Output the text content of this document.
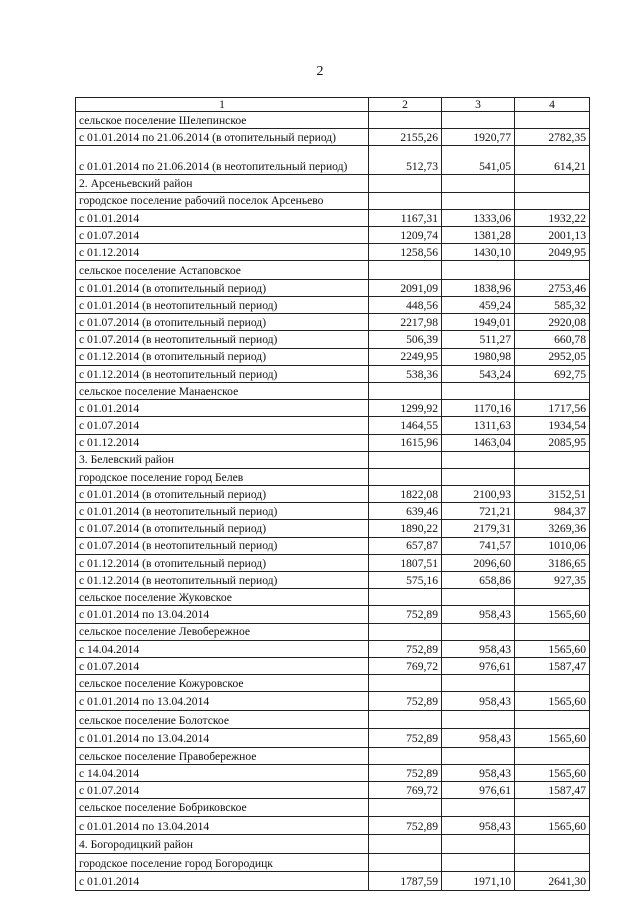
2
1	2	3	4
сельское поселение Шелепинское			
с 01.01.2014 по 21.06.2014 (в отопительный период)	2155,26	1920,77	2782,35
с 01.01.2014 по 21.06.2014 (в неотопительный период)	512,73	541,05	614,21
2. Арсеньевский район			
городское поселение рабочий поселок Арсеньево			
с 01.01.2014	1167,31	1333,06	1932,22
с 01.07.2014	1209,74	1381,28	2001,13
с 01.12.2014	1258,56	1430,10	2049,95
сельское поселение Астаповское			
с 01.01.2014 (в отопительный период)	2091,09	1838,96	2753,46
с 01.01.2014 (в неотопительный период)	448,56	459,24	585,32
с 01.07.2014 (в отопительный период)	2217,98	1949,01	2920,08
с 01.07.2014 (в неотопительный период)	506,39	511,27	660,78
с 01.12.2014 (в отопительный период)	2249,95	1980,98	2952,05
с 01.12.2014 (в неотопительный период)	538,36	543,24	692,75
сельское поселение Манаенское			
с 01.01.2014	1299,92	1170,16	1717,56
с 01.07.2014	1464,55	1311,63	1934,54
с 01.12.2014	1615,96	1463,04	2085,95
3. Белевский район			
городское поселение город Белев			
с 01.01.2014 (в отопительный период)	1822,08	2100,93	3152,51
с 01.01.2014 (в неотопительный период)	639,46	721,21	984,37
с 01.07.2014 (в отопительный период)	1890,22	2179,31	3269,36
с 01.07.2014 (в неотопительный период)	657,87	741,57	1010,06
с 01.12.2014 (в отопительный период)	1807,51	2096,60	3186,65
с 01.12.2014 (в неотопительный период)	575,16	658,86	927,35
сельское поселение Жуковское			
с 01.01.2014 по 13.04.2014	752,89	958,43	1565,60
сельское поселение Левобережное			
с 14.04.2014	752,89	958,43	1565,60
с 01.07.2014	769,72	976,61	1587,47
сельское поселение Кожуровское			
с 01.01.2014 по 13.04.2014	752,89	958,43	1565,60
сельское поселение Болотское			
с 01.01.2014 по 13.04.2014	752,89	958,43	1565,60
сельское поселение Правобережное			
с 14.04.2014	752,89	958,43	1565,60
с 01.07.2014	769,72	976,61	1587,47
сельское поселение Бобриковское			
с 01.01.2014 по 13.04.2014	752,89	958,43	1565,60
4. Богородицкий район			
городское поселение город Богородицк			
с 01.01.2014	1787,59	1971,10	2641,30
